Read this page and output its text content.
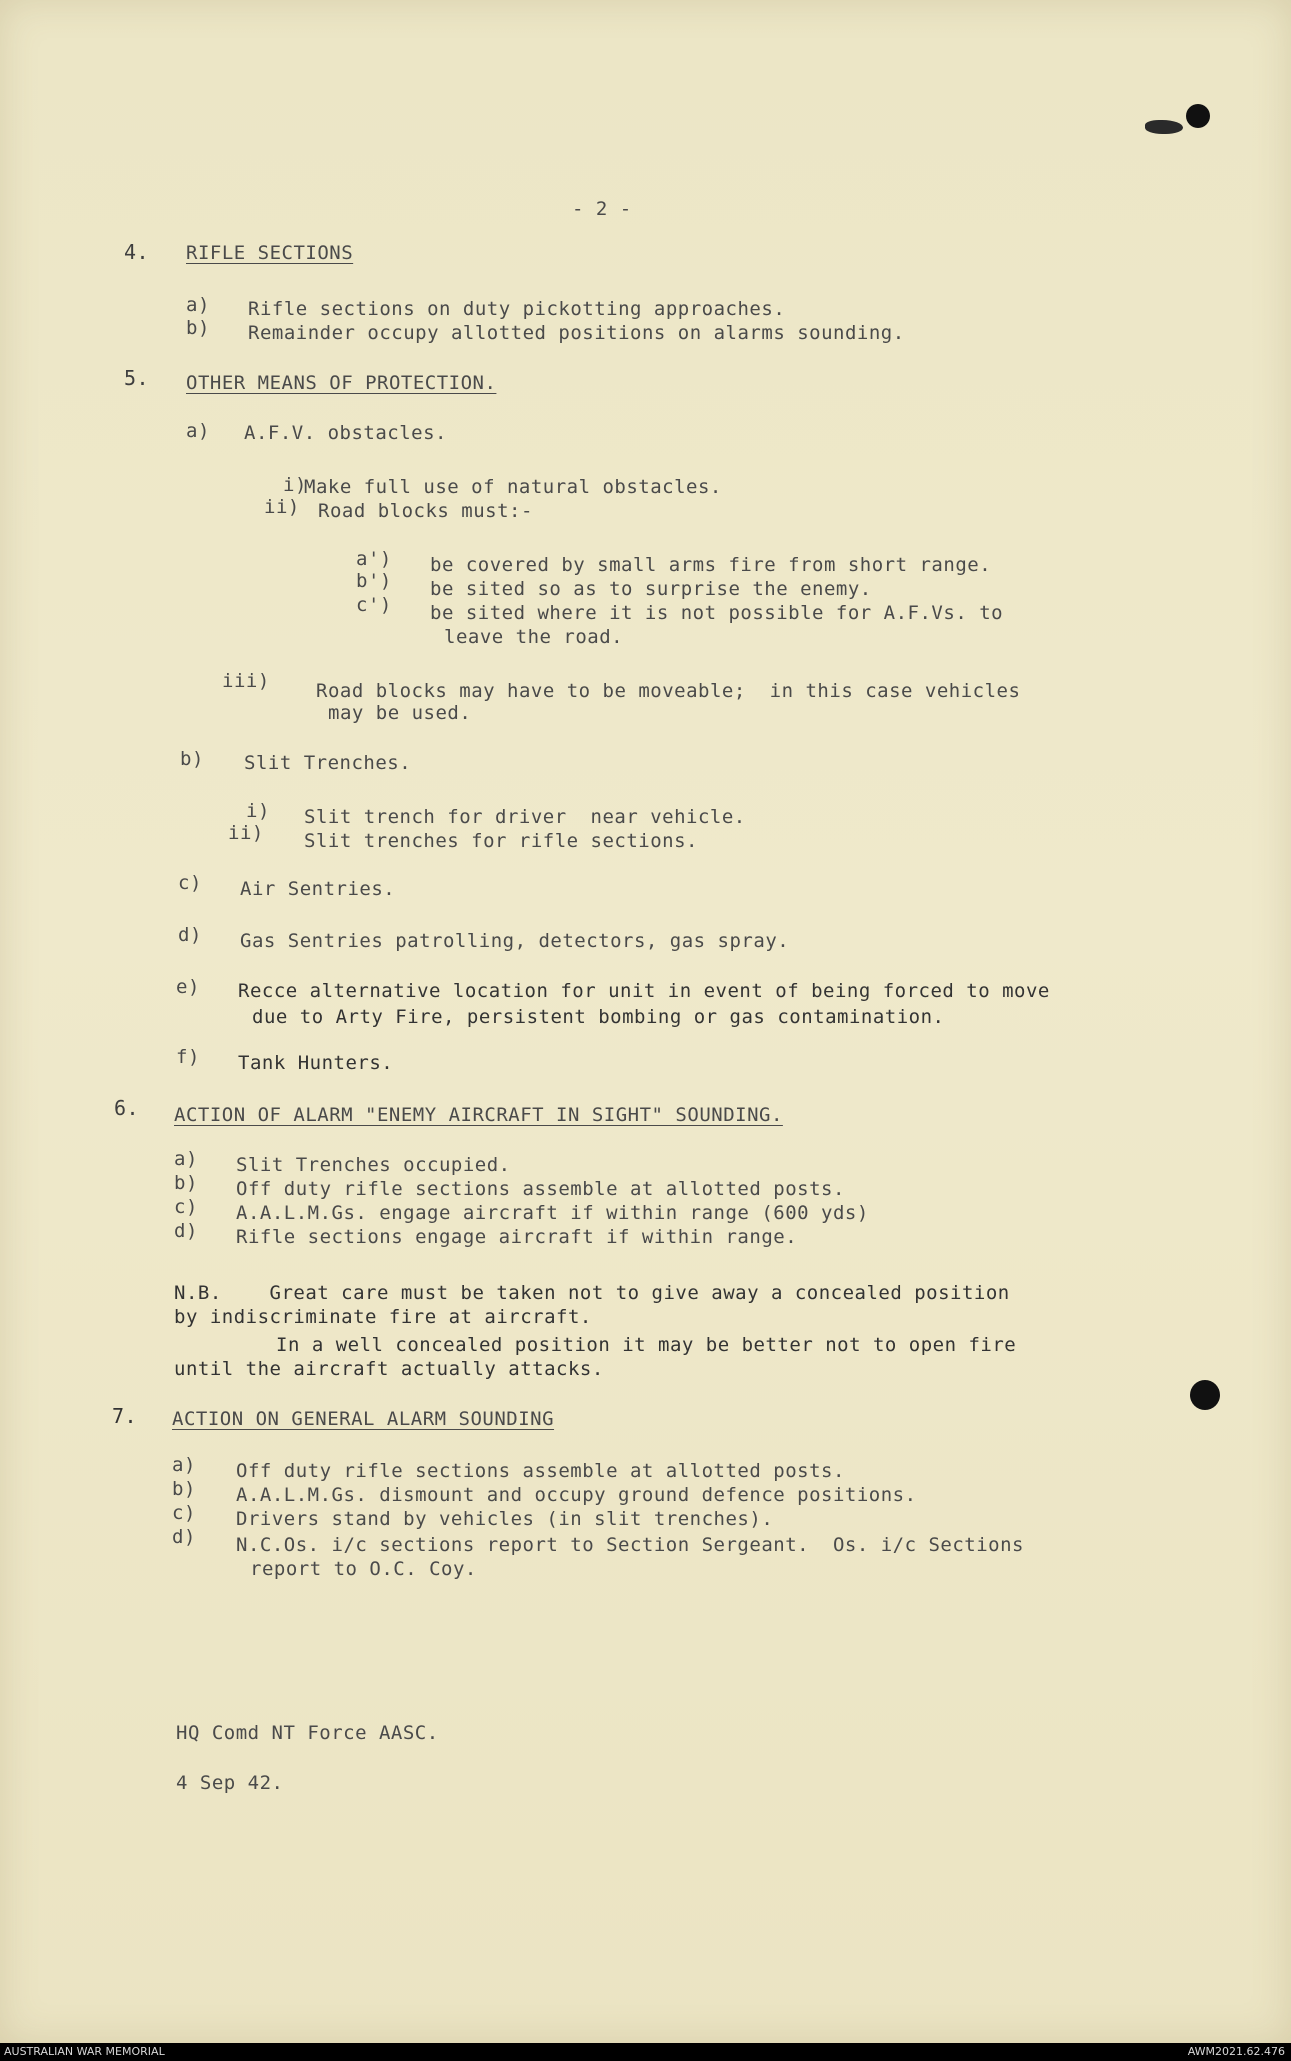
- 2 -
4. RIFLE SECTIONS
a) Rifle sections on duty pickotting approaches.
b) Remainder occupy allotted positions on alarms sounding.
5. OTHER MEANS OF PROTECTION.
a) A.F.V. obstacles.
i)
Make full use of natural obstacles.
ii) Road blocks must:-
a') be covered by small arms fire from short range.
b') be sited so as to surprise the enemy.
c') be sited where it is not possible for A.F.Vs. to
leave the road.
iii) Road blocks may have to be moveable;  in this case vehicles
may be used.
b) Slit Trenches.
i) Slit trench for driver  near vehicle.
ii) Slit trenches for rifle sections.
c) Air Sentries.
d) Gas Sentries patrolling, detectors, gas spray.
e) Recce alternative location for unit in event of being forced to move
due to Arty Fire, persistent bombing or gas contamination.
f) Tank Hunters.
6. ACTION OF ALARM "ENEMY AIRCRAFT IN SIGHT" SOUNDING.
a) Slit Trenches occupied.
b) Off duty rifle sections assemble at allotted posts.
c) A.A.L.M.Gs. engage aircraft if within range (600 yds)
d) Rifle sections engage aircraft if within range.
N.B.    Great care must be taken not to give away a concealed position
by indiscriminate fire at aircraft.
In a well concealed position it may be better not to open fire
until the aircraft actually attacks.
7. ACTION ON GENERAL ALARM SOUNDING
a) Off duty rifle sections assemble at allotted posts.
b) A.A.L.M.Gs. dismount and occupy ground defence positions.
c) Drivers stand by vehicles (in slit trenches).
d) N.C.Os. i/c sections report to Section Sergeant.  Os. i/c Sections
report to O.C. Coy.
HQ Comd NT Force AASC.
4 Sep 42.
AUSTRALIAN WAR MEMORIAL	AWM2021.62.476
